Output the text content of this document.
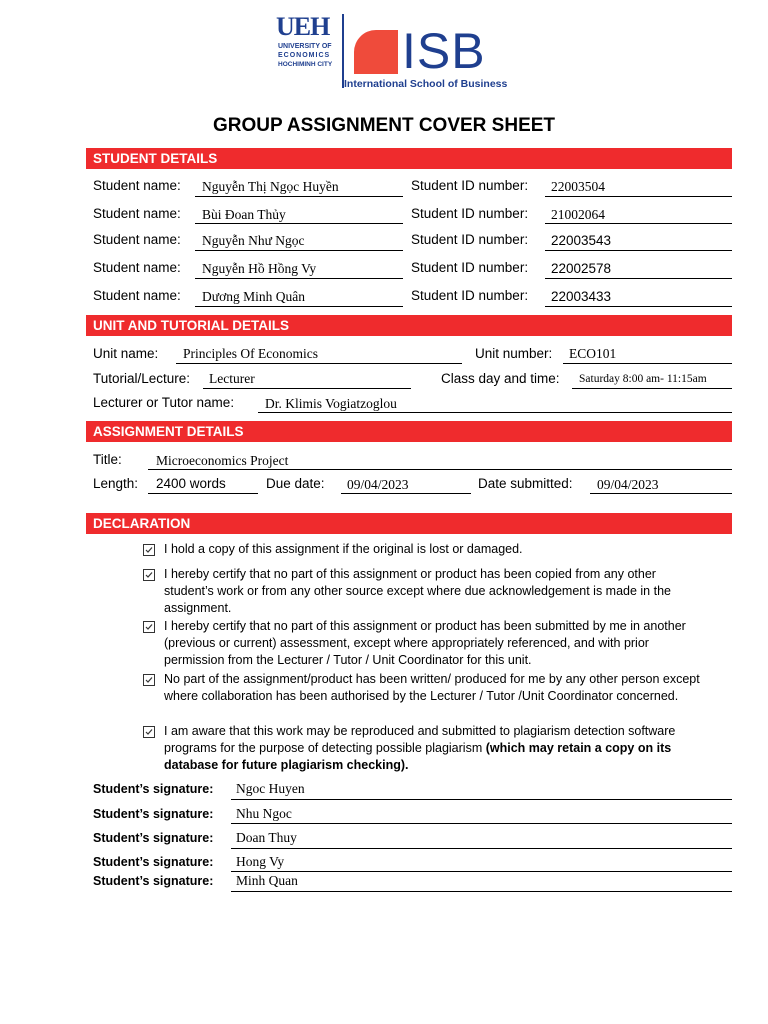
UEH
UNIVERSITY OF
ECONOMICS
HOCHIMINH CITY ISB
International School of Business
GROUP ASSIGNMENT COVER SHEET
STUDENT DETAILS
Student name: Nguyễn Thị Ngọc Huyền	Student ID number: 22003504
Student name: Bùi Đoan Thủy	Student ID number: 21002064
Student name: Nguyễn Như Ngọc	Student ID number: 22003543
Student name: Nguyễn Hồ Hồng Vy	Student ID number: 22002578
Student name: Dương Minh Quân	Student ID number: 22003433
UNIT AND TUTORIAL DETAILS
Unit name: Principles Of Economics	Unit number: ECO101
Tutorial/Lecture: Lecturer	Class day and time: Saturday 8:00 am- 11:15am
Lecturer or Tutor name: Dr. Klimis Vogiatzoglou
ASSIGNMENT DETAILS
Title:	Microeconomics Project
Length: 2400 words	Due date: 09/04/2023	Date submitted: 09/04/2023
DECLARATION
I hold a copy of this assignment if the original is lost or damaged.
I hereby certify that no part of this assignment or product has been copied from any other student’s work or from any other source except where due acknowledgement is made in the assignment.
I hereby certify that no part of this assignment or product has been submitted by me in another (previous or current) assessment, except where appropriately referenced, and with prior permission from the Lecturer / Tutor / Unit Coordinator for this unit.
No part of the assignment/product has been written/ produced for me by any other person except where collaboration has been authorised by the Lecturer / Tutor /Unit Coordinator concerned.
I am aware that this work may be reproduced and submitted to plagiarism detection software programs for the purpose of detecting possible plagiarism (which may retain a copy on its database for future plagiarism checking).
Student’s signature: Ngoc Huyen
Student’s signature: Nhu Ngoc
Student’s signature: Doan Thuy
Student’s signature: Hong Vy
Student’s signature: Minh Quan
